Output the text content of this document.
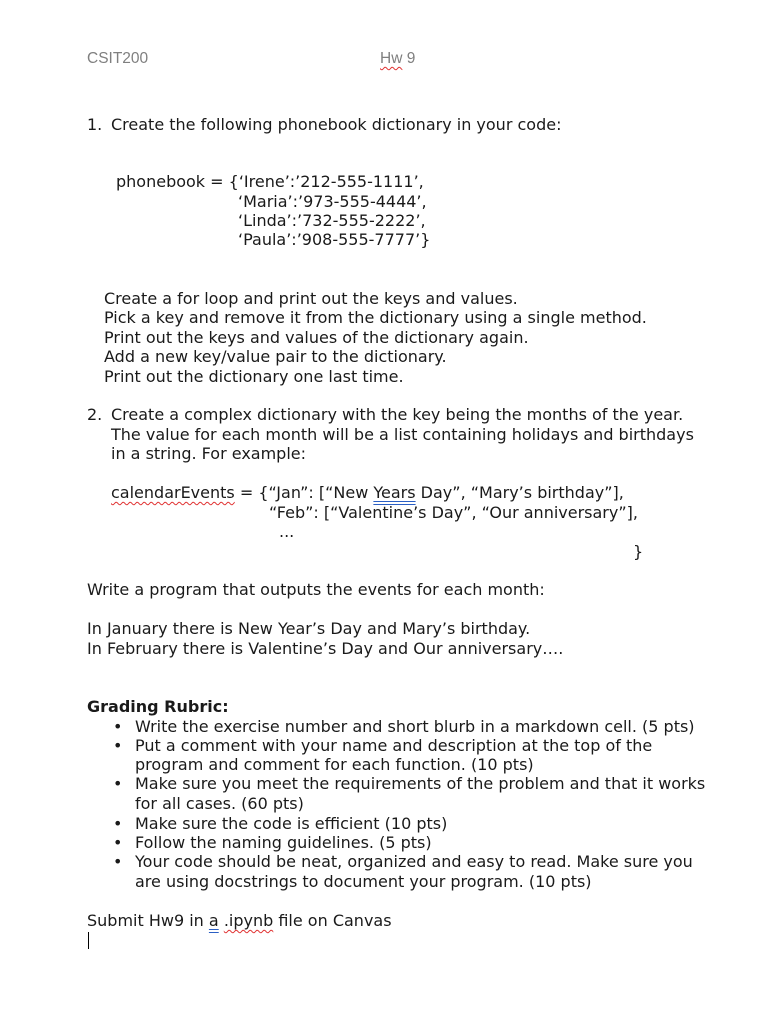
CSIT200	Hw 9
1. Create the following phonebook dictionary in your code:
phonebook = {‘Irene’:’212-555-1111’,
‘Maria’:’973-555-4444’,
‘Linda’:’732-555-2222’,
‘Paula’:’908-555-7777’}
Create a for loop and print out the keys and values.
Pick a key and remove it from the dictionary using a single method.
Print out the keys and values of the dictionary again.
Add a new key/value pair to the dictionary.
Print out the dictionary one last time.
2. Create a complex dictionary with the key being the months of the year.
The value for each month will be a list containing holidays and birthdays
in a string. For example:
calendarEvents = {“Jan”: [“New Years Day”, “Mary’s birthday”],
“Feb”: [“Valentine’s Day”, “Our anniversary”],
...
}
Write a program that outputs the events for each month:
In January there is New Year’s Day and Mary’s birthday.
In February there is Valentine’s Day and Our anniversary….
Grading Rubric:
• Write the exercise number and short blurb in a markdown cell. (5 pts)
• Put a comment with your name and description at the top of the
program and comment for each function. (10 pts)
• Make sure you meet the requirements of the problem and that it works
for all cases. (60 pts)
• Make sure the code is efficient (10 pts)
• Follow the naming guidelines. (5 pts)
• Your code should be neat, organized and easy to read. Make sure you
are using docstrings to document your program. (10 pts)
Submit Hw9 in a .ipynb file on Canvas
